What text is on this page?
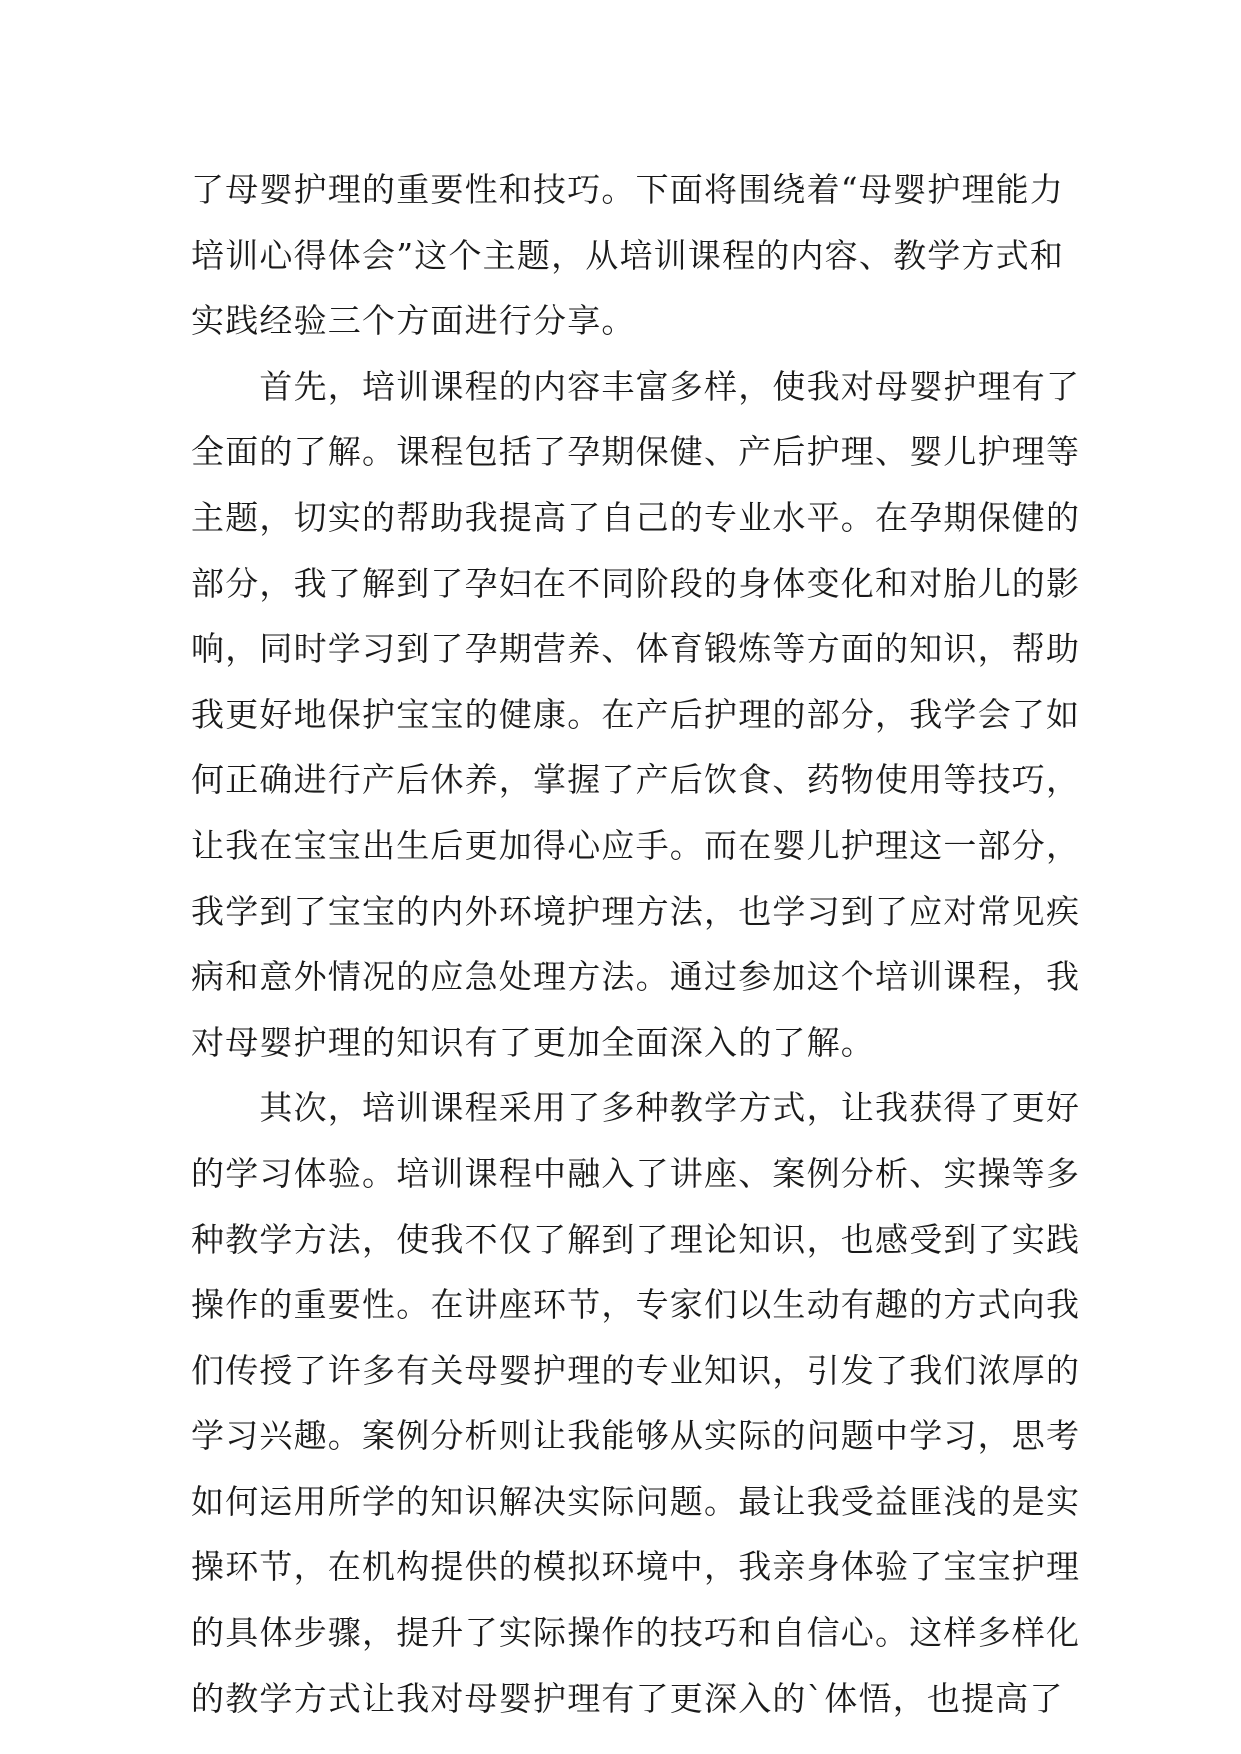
了母婴护理的重要性和技巧。下面将围绕着“母婴护理能力
培训心得体会”这个主题，从培训课程的内容、教学方式和
实践经验三个方面进行分享。
　　首先，培训课程的内容丰富多样，使我对母婴护理有了
全面的了解。课程包括了孕期保健、产后护理、婴儿护理等
主题，切实的帮助我提高了自己的专业水平。在孕期保健的
部分，我了解到了孕妇在不同阶段的身体变化和对胎儿的影
响，同时学习到了孕期营养、体育锻炼等方面的知识，帮助
我更好地保护宝宝的健康。在产后护理的部分，我学会了如
何正确进行产后休养，掌握了产后饮食、药物使用等技巧，
让我在宝宝出生后更加得心应手。而在婴儿护理这一部分，
我学到了宝宝的内外环境护理方法，也学习到了应对常见疾
病和意外情况的应急处理方法。通过参加这个培训课程，我
对母婴护理的知识有了更加全面深入的了解。
　　其次，培训课程采用了多种教学方式，让我获得了更好
的学习体验。培训课程中融入了讲座、案例分析、实操等多
种教学方法，使我不仅了解到了理论知识，也感受到了实践
操作的重要性。在讲座环节，专家们以生动有趣的方式向我
们传授了许多有关母婴护理的专业知识，引发了我们浓厚的
学习兴趣。案例分析则让我能够从实际的问题中学习，思考
如何运用所学的知识解决实际问题。最让我受益匪浅的是实
操环节，在机构提供的模拟环境中，我亲身体验了宝宝护理
的具体步骤，提升了实际操作的技巧和自信心。这样多样化
的教学方式让我对母婴护理有了更深入的`体悟，也提高了
